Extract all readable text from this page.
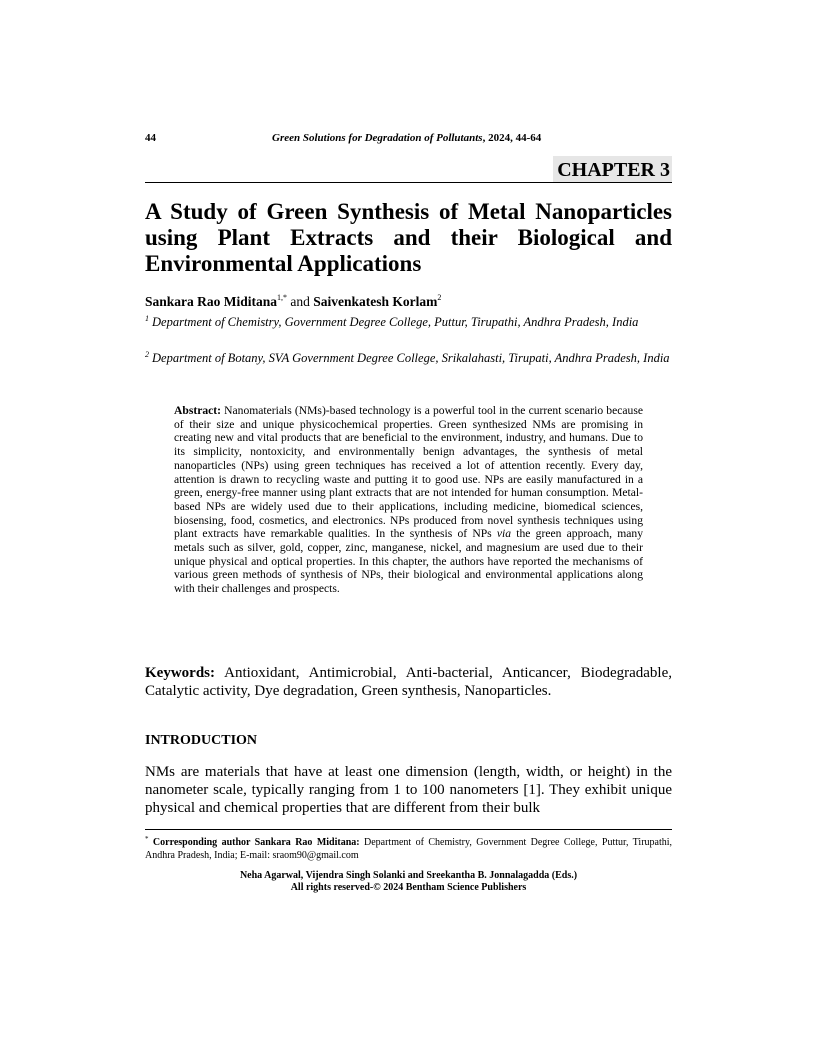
44	Green Solutions for Degradation of Pollutants, 2024, 44-64
CHAPTER 3
A Study of Green Synthesis of Metal Nanoparticles using Plant Extracts and their Biological and Environmental Applications
Sankara Rao Miditana$^{1,*}$ and Saivenkatesh Korlam$^2$
$^1$ Department of Chemistry, Government Degree College, Puttur, Tirupathi, Andhra Pradesh, India
$^2$ Department of Botany, SVA Government Degree College, Srikalahasti, Tirupati, Andhra Pradesh, India
Abstract: Nanomaterials (NMs)-based technology is a powerful tool in the current scenario because of their size and unique physicochemical properties. Green synthesized NMs are promising in creating new and vital products that are beneficial to the environment, industry, and humans. Due to its simplicity, nontoxicity, and environmentally benign advantages, the synthesis of metal nanoparticles (NPs) using green techniques has received a lot of attention recently. Every day, attention is drawn to recycling waste and putting it to good use. NPs are easily manufactured in a green, energy-free manner using plant extracts that are not intended for human consumption. Metal-based NPs are widely used due to their applications, including medicine, biomedical sciences, biosensing, food, cosmetics, and electronics. NPs produced from novel synthesis techniques using plant extracts have remarkable qualities. In the synthesis of NPs via the green approach, many metals such as silver, gold, copper, zinc, manganese, nickel, and magnesium are used due to their unique physical and optical properties. In this chapter, the authors have reported the mechanisms of various green methods of synthesis of NPs, their biological and environmental applications along with their challenges and prospects.
Keywords: Antioxidant, Antimicrobial, Anti-bacterial, Anticancer, Biodegradable, Catalytic activity, Dye degradation, Green synthesis, Nanoparticles.
INTRODUCTION
NMs are materials that have at least one dimension (length, width, or height) in the nanometer scale, typically ranging from 1 to 100 nanometers [1]. They exhibit unique physical and chemical properties that are different from their bulk
* Corresponding author Sankara Rao Miditana: Department of Chemistry, Government Degree College, Puttur, Tirupathi, Andhra Pradesh, India; E-mail: sraom90@gmail.com
Neha Agarwal, Vijendra Singh Solanki and Sreekantha B. Jonnalagadda (Eds.)
All rights reserved-© 2024 Bentham Science Publishers
